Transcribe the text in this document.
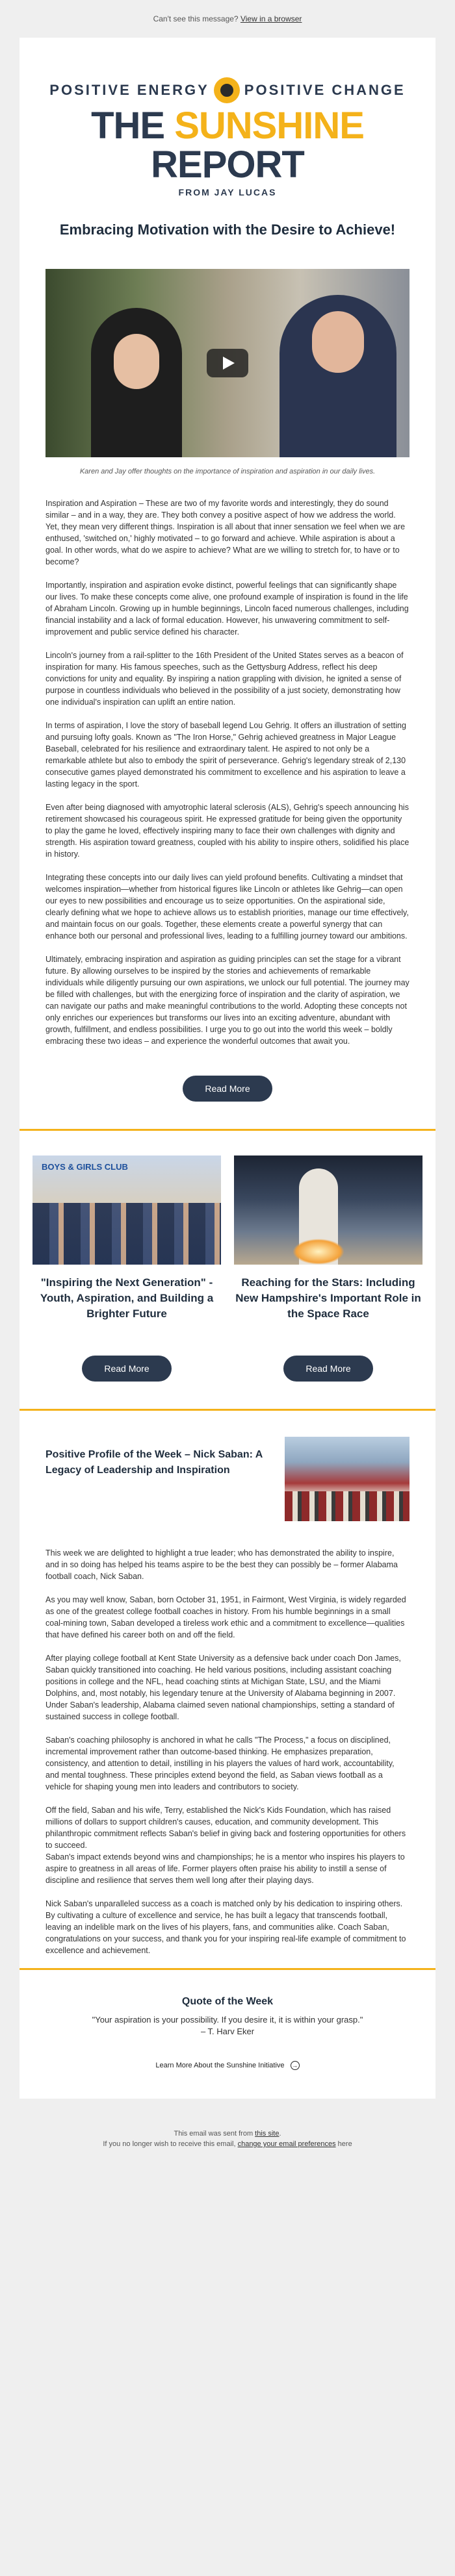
Can't see this message? View in a browser
POSITIVE ENERGY POSITIVE CHANGE
THE SUNSHINE REPORT
FROM JAY LUCAS
Embracing Motivation with the Desire to Achieve!

Karen and Jay offer thoughts on the importance of inspiration and aspiration in our daily lives.

Inspiration and Aspiration – These are two of my favorite words and interestingly, they do sound similar – and in a way, they are. They both convey a positive aspect of how we address the world. Yet, they mean very different things. Inspiration is all about that inner sensation we feel when we are enthused, 'switched on,' highly motivated – to go forward and achieve. While aspiration is about a goal. In other words, what do we aspire to achieve? What are we willing to stretch for, to have or to become?

Importantly, inspiration and aspiration evoke distinct, powerful feelings that can significantly shape our lives. To make these concepts come alive, one profound example of inspiration is found in the life of Abraham Lincoln. Growing up in humble beginnings, Lincoln faced numerous challenges, including financial instability and a lack of formal education. However, his unwavering commitment to self-improvement and public service defined his character.

Lincoln's journey from a rail-splitter to the 16th President of the United States serves as a beacon of inspiration for many. His famous speeches, such as the Gettysburg Address, reflect his deep convictions for unity and equality. By inspiring a nation grappling with division, he ignited a sense of purpose in countless individuals who believed in the possibility of a just society, demonstrating how one individual's inspiration can uplift an entire nation.

In terms of aspiration, I love the story of baseball legend Lou Gehrig. It offers an illustration of setting and pursuing lofty goals. Known as "The Iron Horse," Gehrig achieved greatness in Major League Baseball, celebrated for his resilience and extraordinary talent. He aspired to not only be a remarkable athlete but also to embody the spirit of perseverance. Gehrig's legendary streak of 2,130 consecutive games played demonstrated his commitment to excellence and his aspiration to leave a lasting legacy in the sport.

Even after being diagnosed with amyotrophic lateral sclerosis (ALS), Gehrig's speech announcing his retirement showcased his courageous spirit. He expressed gratitude for being given the opportunity to play the game he loved, effectively inspiring many to face their own challenges with dignity and strength. His aspiration toward greatness, coupled with his ability to inspire others, solidified his place in history.

Integrating these concepts into our daily lives can yield profound benefits. Cultivating a mindset that welcomes inspiration—whether from historical figures like Lincoln or athletes like Gehrig—can open our eyes to new possibilities and encourage us to seize opportunities. On the aspirational side, clearly defining what we hope to achieve allows us to establish priorities, manage our time effectively, and maintain focus on our goals. Together, these elements create a powerful synergy that can enhance both our personal and professional lives, leading to a fulfilling journey toward our ambitions.

Ultimately, embracing inspiration and aspiration as guiding principles can set the stage for a vibrant future. By allowing ourselves to be inspired by the stories and achievements of remarkable individuals while diligently pursuing our own aspirations, we unlock our full potential. The journey may be filled with challenges, but with the energizing force of inspiration and the clarity of aspiration, we can navigate our paths and make meaningful contributions to the world. Adopting these concepts not only enriches our experiences but transforms our lives into an exciting adventure, abundant with growth, fulfillment, and endless possibilities. I urge you to go out into the world this week – boldly embracing these two ideas – and experience the wonderful outcomes that await you.

Read More
BOYS & GIRLS CLUB
"Inspiring the Next Generation" - Youth, Aspiration, and Building a Brighter Future
Read More
Reaching for the Stars: Including New Hampshire's Important Role in the Space Race
Read More
Positive Profile of the Week – Nick Saban: A Legacy of Leadership and Inspiration

This week we are delighted to highlight a true leader; who has demonstrated the ability to inspire, and in so doing has helped his teams aspire to be the best they can possibly be – former Alabama football coach, Nick Saban.

As you may well know, Saban, born October 31, 1951, in Fairmont, West Virginia, is widely regarded as one of the greatest college football coaches in history. From his humble beginnings in a small coal-mining town, Saban developed a tireless work ethic and a commitment to excellence—qualities that have defined his career both on and off the field.

After playing college football at Kent State University as a defensive back under coach Don James, Saban quickly transitioned into coaching. He held various positions, including assistant coaching positions in college and the NFL, head coaching stints at Michigan State, LSU, and the Miami Dolphins, and, most notably, his legendary tenure at the University of Alabama beginning in 2007. Under Saban's leadership, Alabama claimed seven national championships, setting a standard of sustained success in college football.

Saban's coaching philosophy is anchored in what he calls "The Process," a focus on disciplined, incremental improvement rather than outcome-based thinking. He emphasizes preparation, consistency, and attention to detail, instilling in his players the values of hard work, accountability, and mental toughness. These principles extend beyond the field, as Saban views football as a vehicle for shaping young men into leaders and contributors to society.

Off the field, Saban and his wife, Terry, established the Nick's Kids Foundation, which has raised millions of dollars to support children's causes, education, and community development. This philanthropic commitment reflects Saban's belief in giving back and fostering opportunities for others to succeed.
Saban's impact extends beyond wins and championships; he is a mentor who inspires his players to aspire to greatness in all areas of life. Former players often praise his ability to instill a sense of discipline and resilience that serves them well long after their playing days.

Nick Saban's unparalleled success as a coach is matched only by his dedication to inspiring others. By cultivating a culture of excellence and service, he has built a legacy that transcends football, leaving an indelible mark on the lives of his players, fans, and communities alike. Coach Saban, congratulations on your success, and thank you for your inspiring real-life example of commitment to excellence and achievement.

Quote of the Week

"Your aspiration is your possibility. If you desire it, it is within your grasp."

– T. Harv Eker

Learn More About the Sunshine Initiative →
This email was sent from this site.
If you no longer wish to receive this email, change your email preferences here
